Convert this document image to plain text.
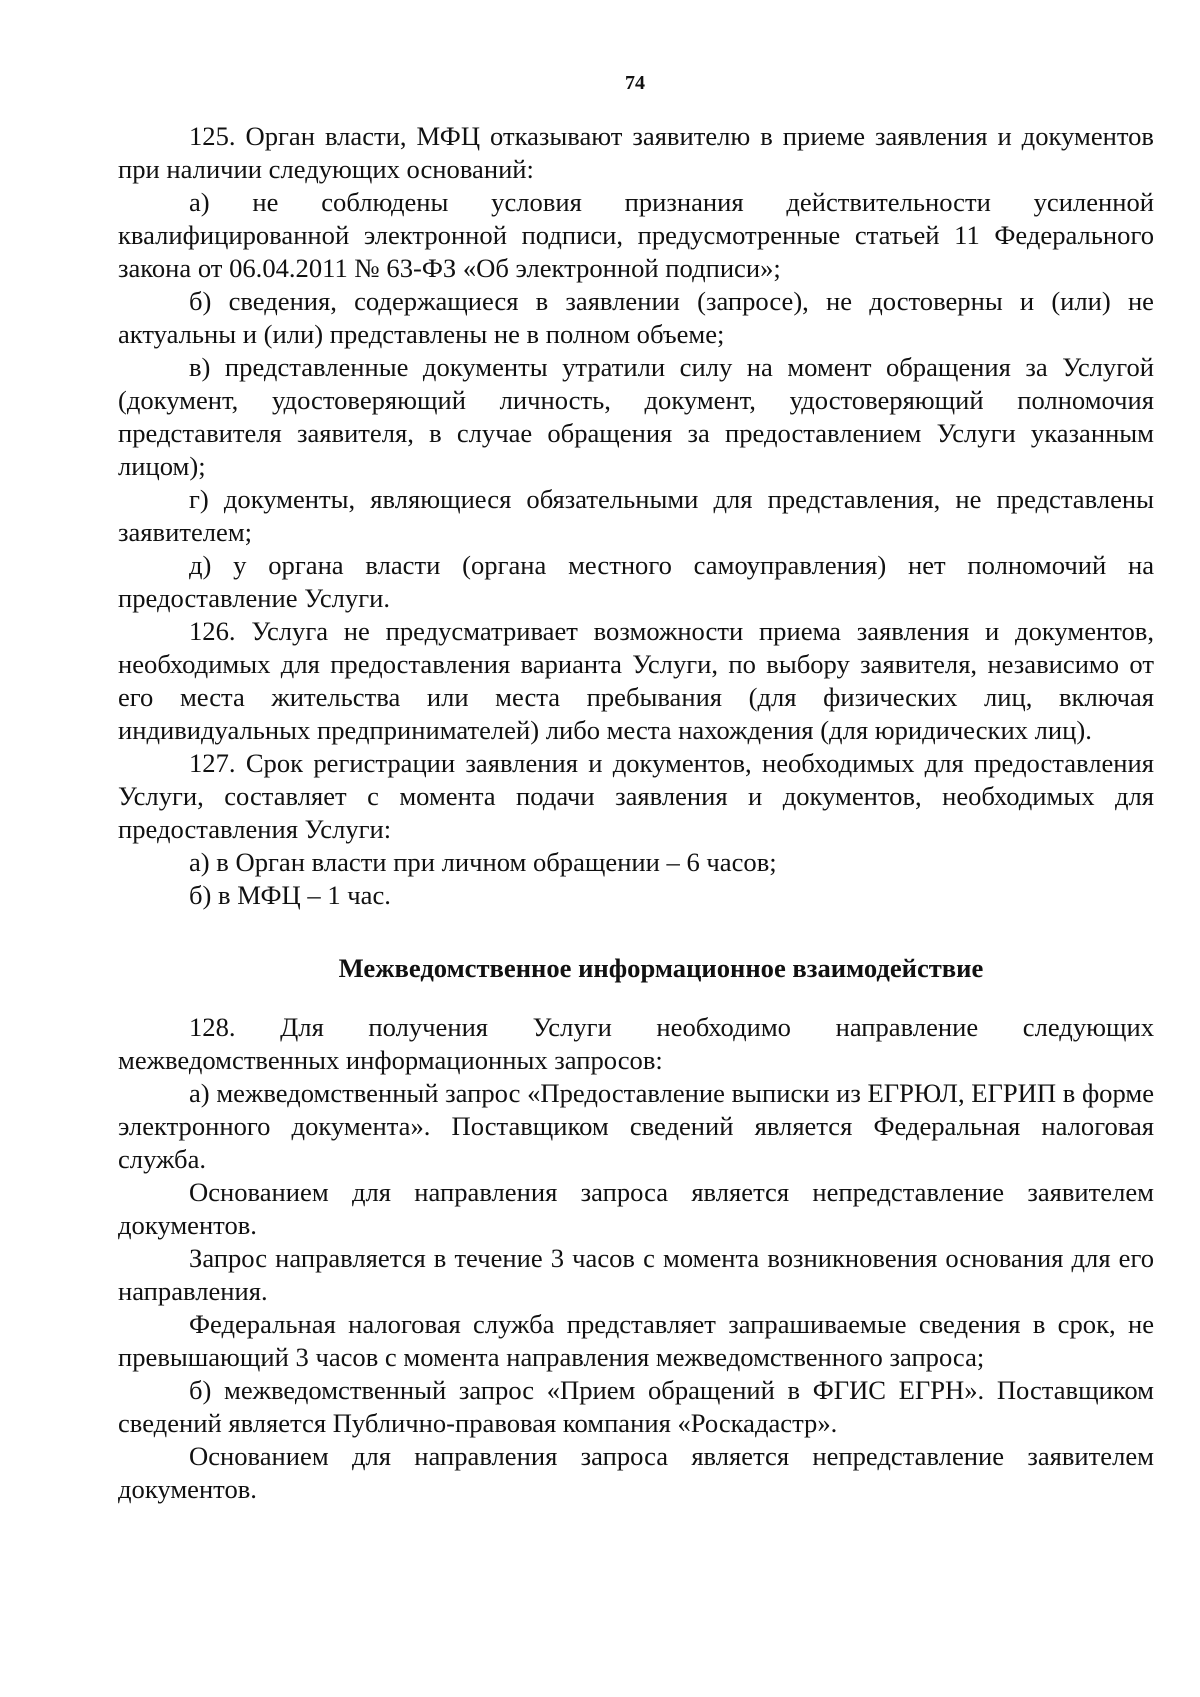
74

125. Орган власти, МФЦ отказывают заявителю в приеме заявления и документов при наличии следующих оснований:

а) не соблюдены условия признания действительности усиленной квалифицированной электронной подписи, предусмотренные статьей 11 Федерального закона от 06.04.2011 № 63-ФЗ «Об электронной подписи»;

б) сведения, содержащиеся в заявлении (запросе), не достоверны и (или) не актуальны и (или) представлены не в полном объеме;

в) представленные документы утратили силу на момент обращения за Услугой (документ, удостоверяющий личность, документ, удостоверяющий полномочия представителя заявителя, в случае обращения за предоставлением Услуги указанным лицом);

г) документы, являющиеся обязательными для представления, не представлены заявителем;

д) у органа власти (органа местного самоуправления) нет полномочий на предоставление Услуги.

126. Услуга не предусматривает возможности приема заявления и документов, необходимых для предоставления варианта Услуги, по выбору заявителя, независимо от его места жительства или места пребывания (для физических лиц, включая индивидуальных предпринимателей) либо места нахождения (для юридических лиц).

127. Срок регистрации заявления и документов, необходимых для предоставления Услуги, составляет с момента подачи заявления и документов, необходимых для предоставления Услуги:

а) в Орган власти при личном обращении – 6 часов;

б) в МФЦ – 1 час.

Межведомственное информационное взаимодействие

128. Для получения Услуги необходимо направление следующих межведомственных информационных запросов:

а) межведомственный запрос «Предоставление выписки из ЕГРЮЛ, ЕГРИП в форме электронного документа». Поставщиком сведений является Федеральная налоговая служба.

Основанием для направления запроса является непредставление заявителем документов.

Запрос направляется в течение 3 часов с момента возникновения основания для его направления.

Федеральная налоговая служба представляет запрашиваемые сведения в срок, не превышающий 3 часов с момента направления межведомственного запроса;

б) межведомственный запрос «Прием обращений в ФГИС ЕГРН». Поставщиком сведений является Публично-правовая компания «Роскадастр».

Основанием для направления запроса является непредставление заявителем документов.
